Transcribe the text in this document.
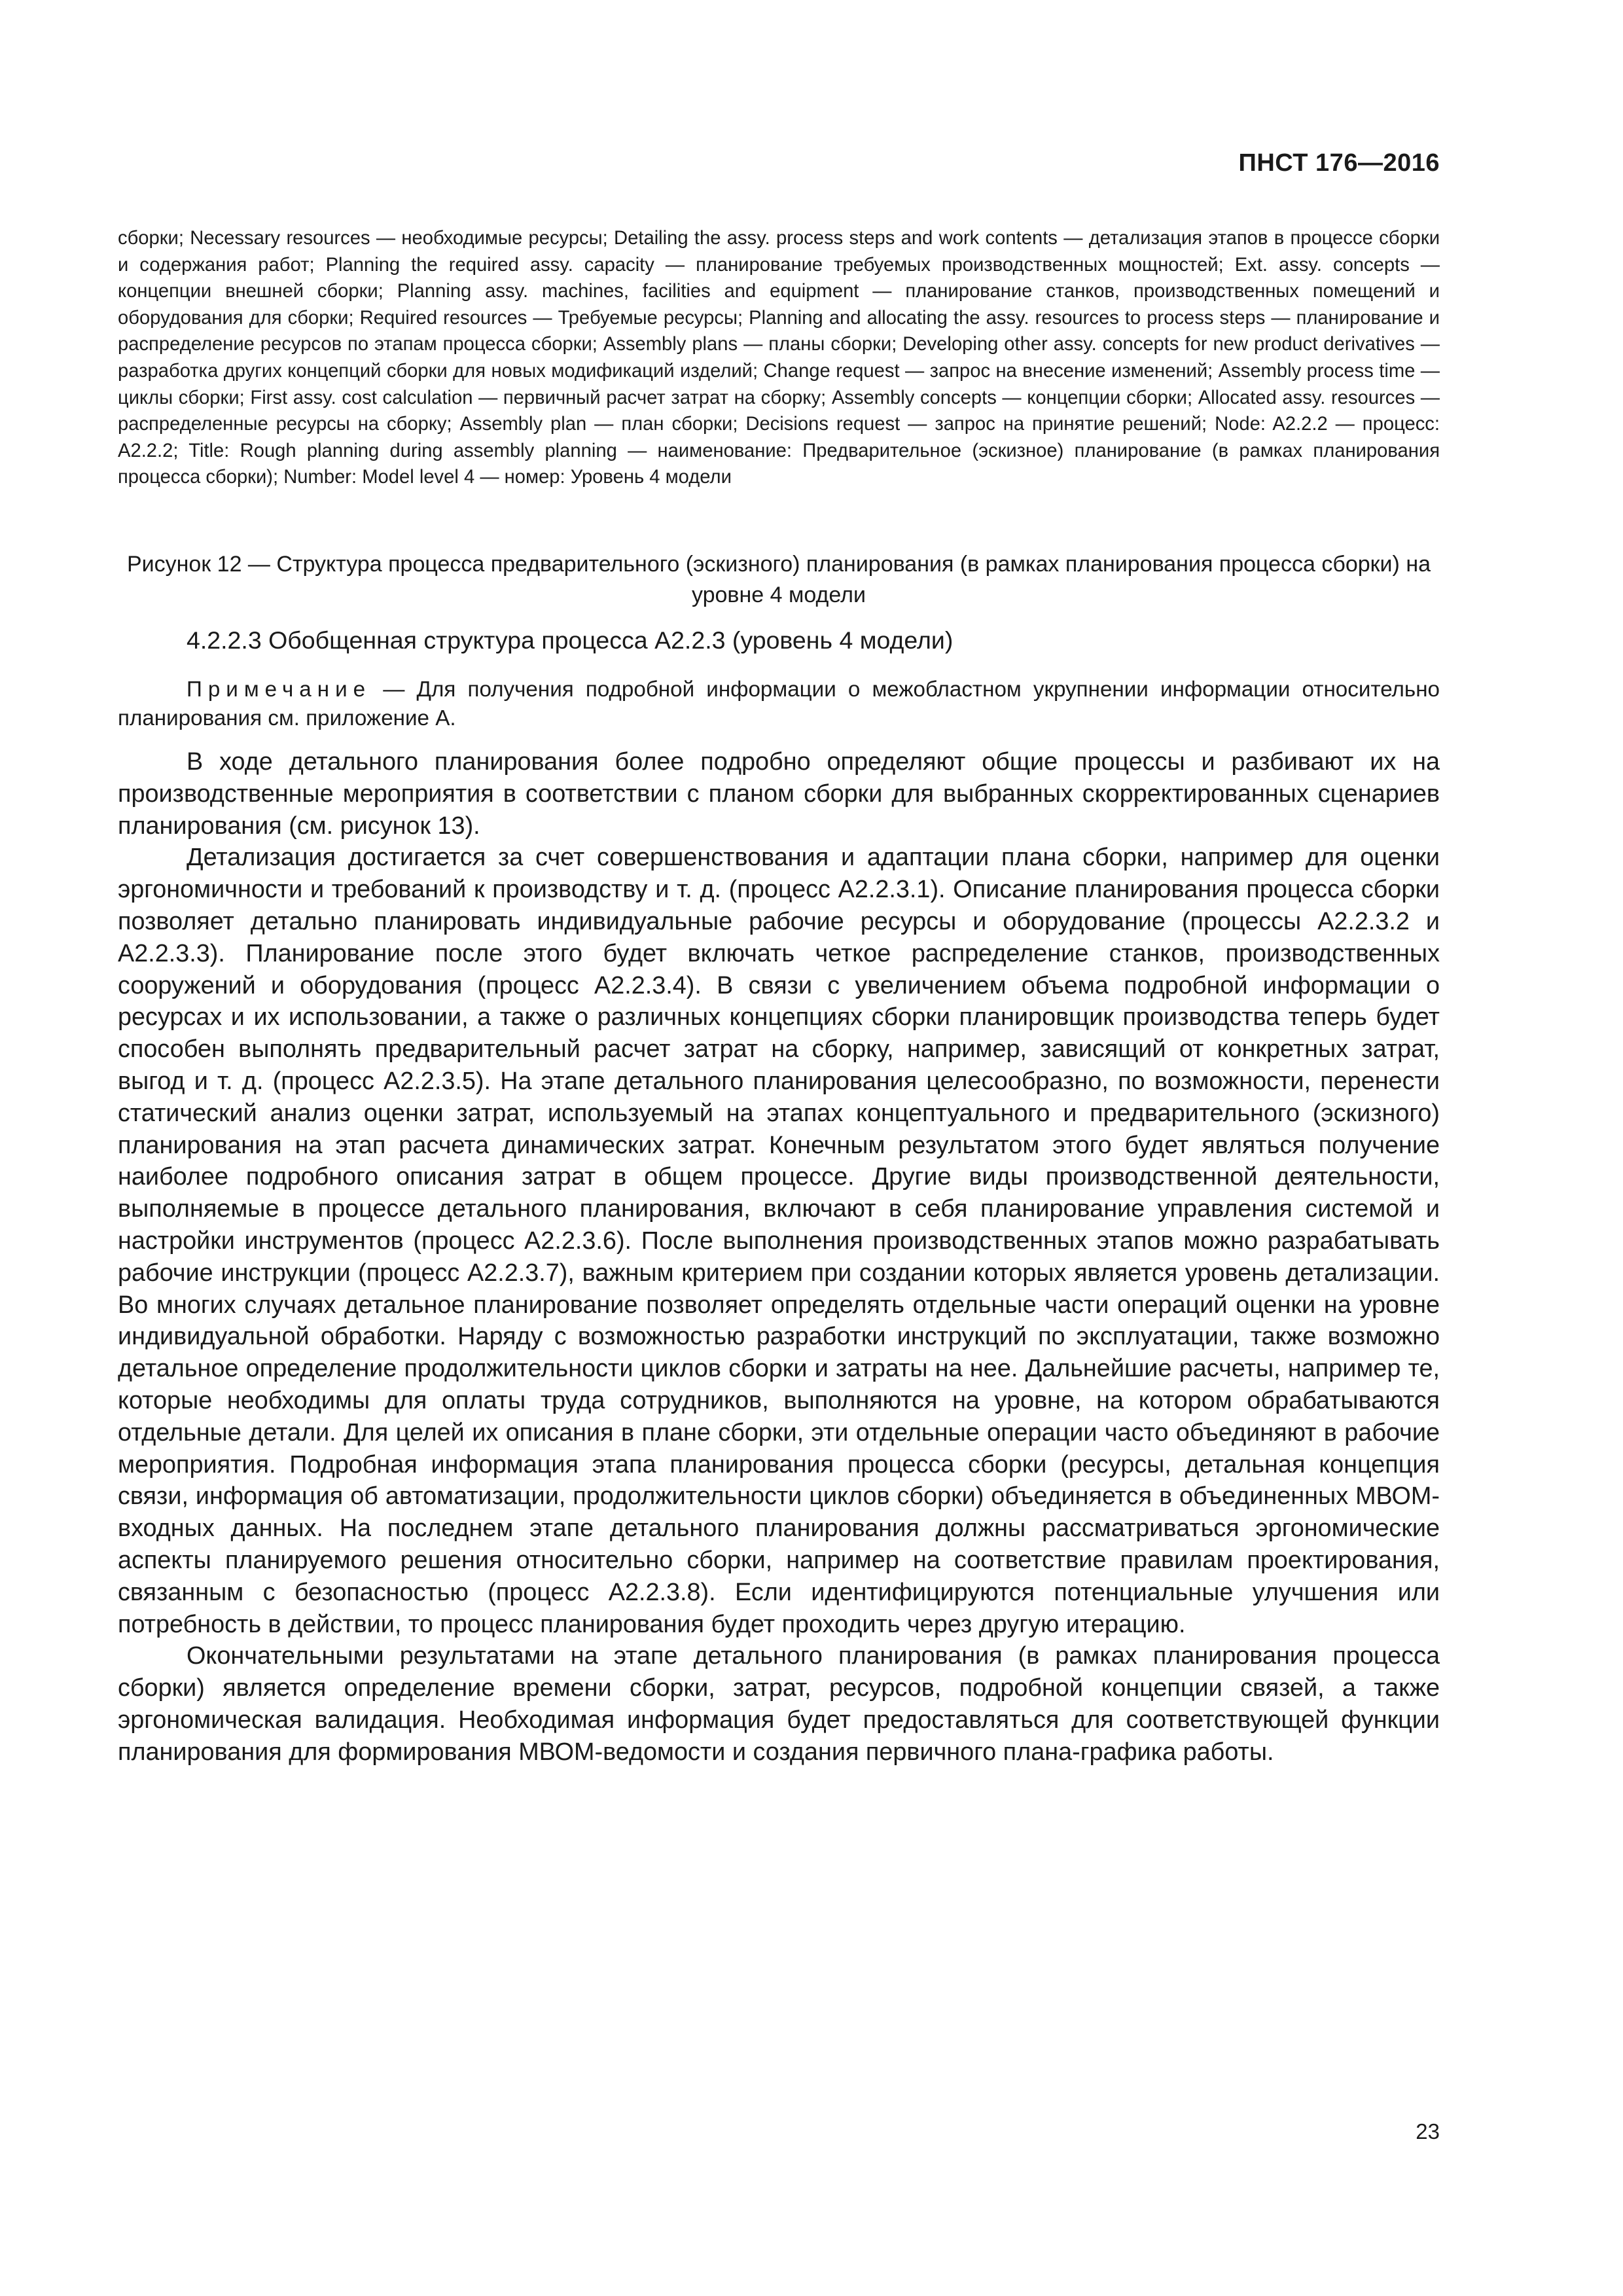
ПНСТ 176—2016
сборки; Necessary resources — необходимые ресурсы; Detailing the assy. process steps and work contents — детализация этапов в процессе сборки и содержания работ; Planning the required assy. capacity — планирование требуемых производственных мощностей; Ext. assy. concepts — концепции внешней сборки; Planning assy. machines, facilities and equipment — планирование станков, производственных помещений и оборудования для сборки; Required resources — Требуемые ресурсы; Planning and allocating the assy. resources to process steps — планирование и распределение ресурсов по этапам процесса сборки; Assembly plans — планы сборки; Developing other assy. concepts for new product derivatives — разработка других концепций сборки для новых модификаций изделий; Change request — запрос на внесение изменений; Assembly process time — циклы сборки; First assy. cost calculation — первичный расчет затрат на сборку; Assembly concepts — концепции сборки; Allocated assy. resources — распределенные ресурсы на сборку; Assembly plan — план сборки; Decisions request — запрос на принятие решений; Node: A2.2.2 — процесс: A2.2.2; Title: Rough planning during assembly planning — наименование: Предварительное (эскизное) планирование (в рамках планирования процесса сборки); Number: Model level 4 — номер: Уровень 4 модели
Рисунок 12 — Структура процесса предварительного (эскизного) планирования (в рамках планирования процесса сборки) на уровне 4 модели
4.2.2.3 Обобщенная структура процесса А2.2.3 (уровень 4 модели)
Примечание — Для получения подробной информации о межобластном укрупнении информации относительно планирования см. приложение А.

В ходе детального планирования более подробно определяют общие процессы и разбивают их на производственные мероприятия в соответствии с планом сборки для выбранных скорректированных сценариев планирования (см. рисунок 13).

Детализация достигается за счет совершенствования и адаптации плана сборки, например для оценки эргономичности и требований к производству и т. д. (процесс А2.2.3.1). Описание планирования процесса сборки позволяет детально планировать индивидуальные рабочие ресурсы и оборудование (процессы А2.2.3.2 и А2.2.3.3). Планирование после этого будет включать четкое распределение станков, производственных сооружений и оборудования (процесс А2.2.3.4). В связи с увеличением объема подробной информации о ресурсах и их использовании, а также о различных концепциях сборки планировщик производства теперь будет способен выполнять предварительный расчет затрат на сборку, например, зависящий от конкретных затрат, выгод и т. д. (процесс А2.2.3.5). На этапе детального планирования целесообразно, по возможности, перенести статический анализ оценки затрат, используемый на этапах концептуального и предварительного (эскизного) планирования на этап расчета динамических затрат. Конечным результатом этого будет являться получение наиболее подробного описания затрат в общем процессе. Другие виды производственной деятельности, выполняемые в процессе детального планирования, включают в себя планирование управления системой и настройки инструментов (процесс А2.2.3.6). После выполнения производственных этапов можно разрабатывать рабочие инструкции (процесс А2.2.3.7), важным критерием при создании которых является уровень детализации. Во многих случаях детальное планирование позволяет определять отдельные части операций оценки на уровне индивидуальной обработки. Наряду с возможностью разработки инструкций по эксплуатации, также возможно детальное определение продолжительности циклов сборки и затраты на нее. Дальнейшие расчеты, например те, которые необходимы для оплаты труда сотрудников, выполняются на уровне, на котором обрабатываются отдельные детали. Для целей их описания в плане сборки, эти отдельные операции часто объединяют в рабочие мероприятия. Подробная информация этапа планирования процесса сборки (ресурсы, детальная концепция связи, информация об автоматизации, продолжительности циклов сборки) объединяется в объединенных МВОМ-входных данных. На последнем этапе детального планирования должны рассматриваться эргономические аспекты планируемого решения относительно сборки, например на соответствие правилам проектирования, связанным с безопасностью (процесс А2.2.3.8). Если идентифицируются потенциальные улучшения или потребность в действии, то процесс планирования будет проходить через другую итерацию.

Окончательными результатами на этапе детального планирования (в рамках планирования процесса сборки) является определение времени сборки, затрат, ресурсов, подробной концепции связей, а также эргономическая валидация. Необходимая информация будет предоставляться для соответствующей функции планирования для формирования МВОМ-ведомости и создания первичного плана-графика работы.

23
